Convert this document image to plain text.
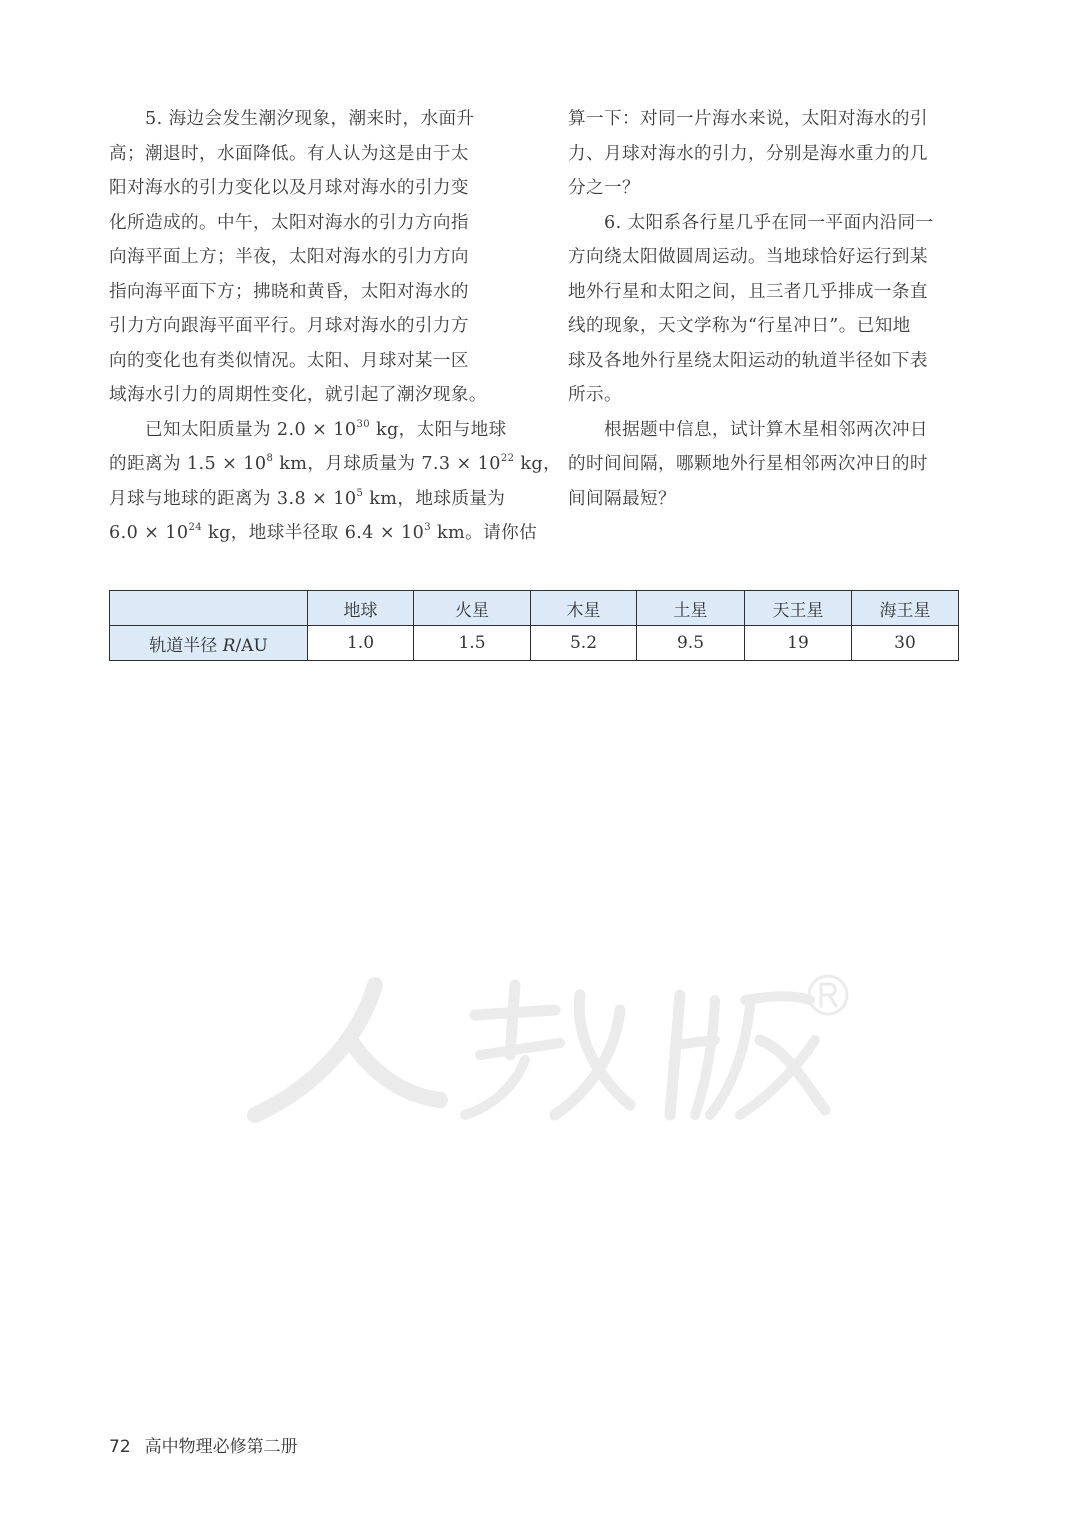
　　5. 海边会发生潮汐现象，潮来时，水面升
高；潮退时，水面降低。有人认为这是由于太
阳对海水的引力变化以及月球对海水的引力变
化所造成的。中午，太阳对海水的引力方向指
向海平面上方；半夜，太阳对海水的引力方向
指向海平面下方；拂晓和黄昏，太阳对海水的
引力方向跟海平面平行。月球对海水的引力方
向的变化也有类似情况。太阳、月球对某一区
域海水引力的周期性变化，就引起了潮汐现象。
　　已知太阳质量为 $2.0 \times 10^{30}$ kg，太阳与地球
的距离为 $1.5 \times 10^8$ km，月球质量为 $7.3 \times 10^{22}$ kg，
月球与地球的距离为 $3.8 \times 10^5$ km，地球质量为
$6.0 \times 10^{24}$ kg，地球半径取 $6.4 \times 10^3$ km。请你估
算一下：对同一片海水来说，太阳对海水的引
力、月球对海水的引力，分别是海水重力的几
分之一？
　　6. 太阳系各行星几乎在同一平面内沿同一
方向绕太阳做圆周运动。当地球恰好运行到某
地外行星和太阳之间，且三者几乎排成一条直
线的现象，天文学称为“行星冲日”。已知地
球及各地外行星绕太阳运动的轨道半径如下表
所示。
　　根据题中信息，试计算木星相邻两次冲日
的时间间隔，哪颗地外行星相邻两次冲日的时
间间隔最短？
	地球	火星	木星	土星	天王星	海王星
轨道半径 R/AU	1.0	1.5	5.2	9.5	19	30
72 高中物理必修第二册
